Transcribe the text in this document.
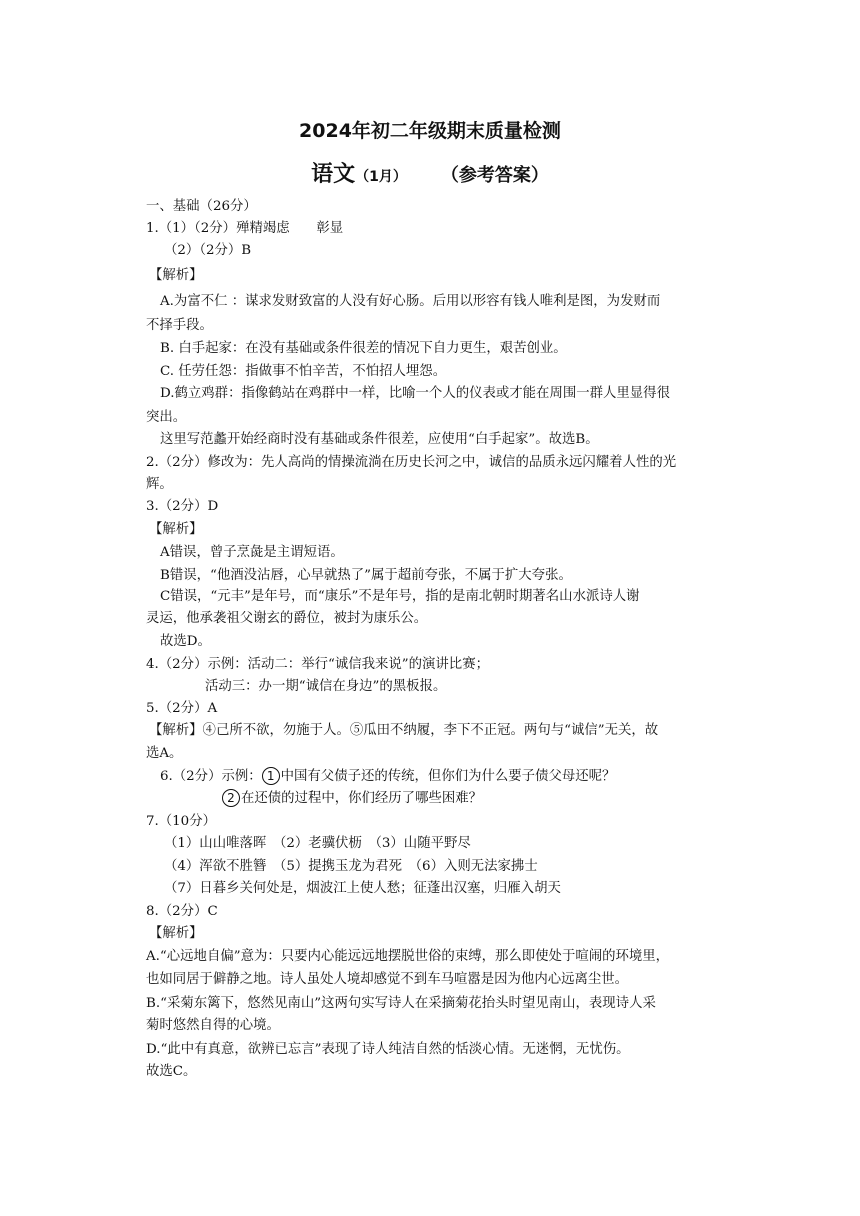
2024年初二年级期末质量检测
语文（1月） （参考答案）
一、基础（26分）
1.（1）（2分）殚精竭虑　　彰显
（2）（2分）B
【解析】
A.为富不仁 ：谋求发财致富的人没有好心肠。后用以形容有钱人唯利是图，为发财而
不择手段。
B. 白手起家：在没有基础或条件很差的情况下自力更生，艰苦创业。
C. 任劳任怨：指做事不怕辛苦，不怕招人埋怨。
D.鹤立鸡群：指像鹤站在鸡群中一样，比喻一个人的仪表或才能在周围一群人里显得很
突出。
这里写范蠡开始经商时没有基础或条件很差，应使用“白手起家”。故选B。
2.（2分）修改为：先人高尚的情操流淌在历史长河之中，诚信的品质永远闪耀着人性的光
辉。
3.（2分）D
【解析】
A错误，曾子烹彘是主谓短语。
B错误，“他酒没沾唇，心早就热了”属于超前夸张，不属于扩大夸张。
C错误，“元丰”是年号，而“康乐”不是年号，指的是南北朝时期著名山水派诗人谢
灵运，他承袭祖父谢玄的爵位，被封为康乐公。
故选D。
4.（2分）示例：活动二：举行“诚信我来说”的演讲比赛；
活动三：办一期“诚信在身边”的黑板报。
5.（2分）A
【解析】④己所不欲，勿施于人。⑤瓜田不纳履，李下不正冠。两句与“诚信”无关，故
选A。
6.（2分）示例： 1 中国有父债子还的传统，但你们为什么要子债父母还呢？
2 在还债的过程中，你们经历了哪些困难？
7.（10分）
（1）山山唯落晖　（2）老骥伏枥　（3）山随平野尽
（4）浑欲不胜簪　（5）提携玉龙为君死　（6）入则无法家拂士
（7）日暮乡关何处是，烟波江上使人愁；征蓬出汉塞，归雁入胡天
8.（2分）C
【解析】
A.“心远地自偏”意为：只要内心能远远地摆脱世俗的束缚，那么即使处于喧闹的环境里，
也如同居于僻静之地。诗人虽处人境却感觉不到车马喧嚣是因为他内心远离尘世。
B.“采菊东篱下，悠然见南山”这两句实写诗人在采摘菊花抬头时望见南山，表现诗人采
菊时悠然自得的心境。
D.“此中有真意，欲辨已忘言”表现了诗人纯洁自然的恬淡心情。无迷惘，无忧伤。
故选C。
